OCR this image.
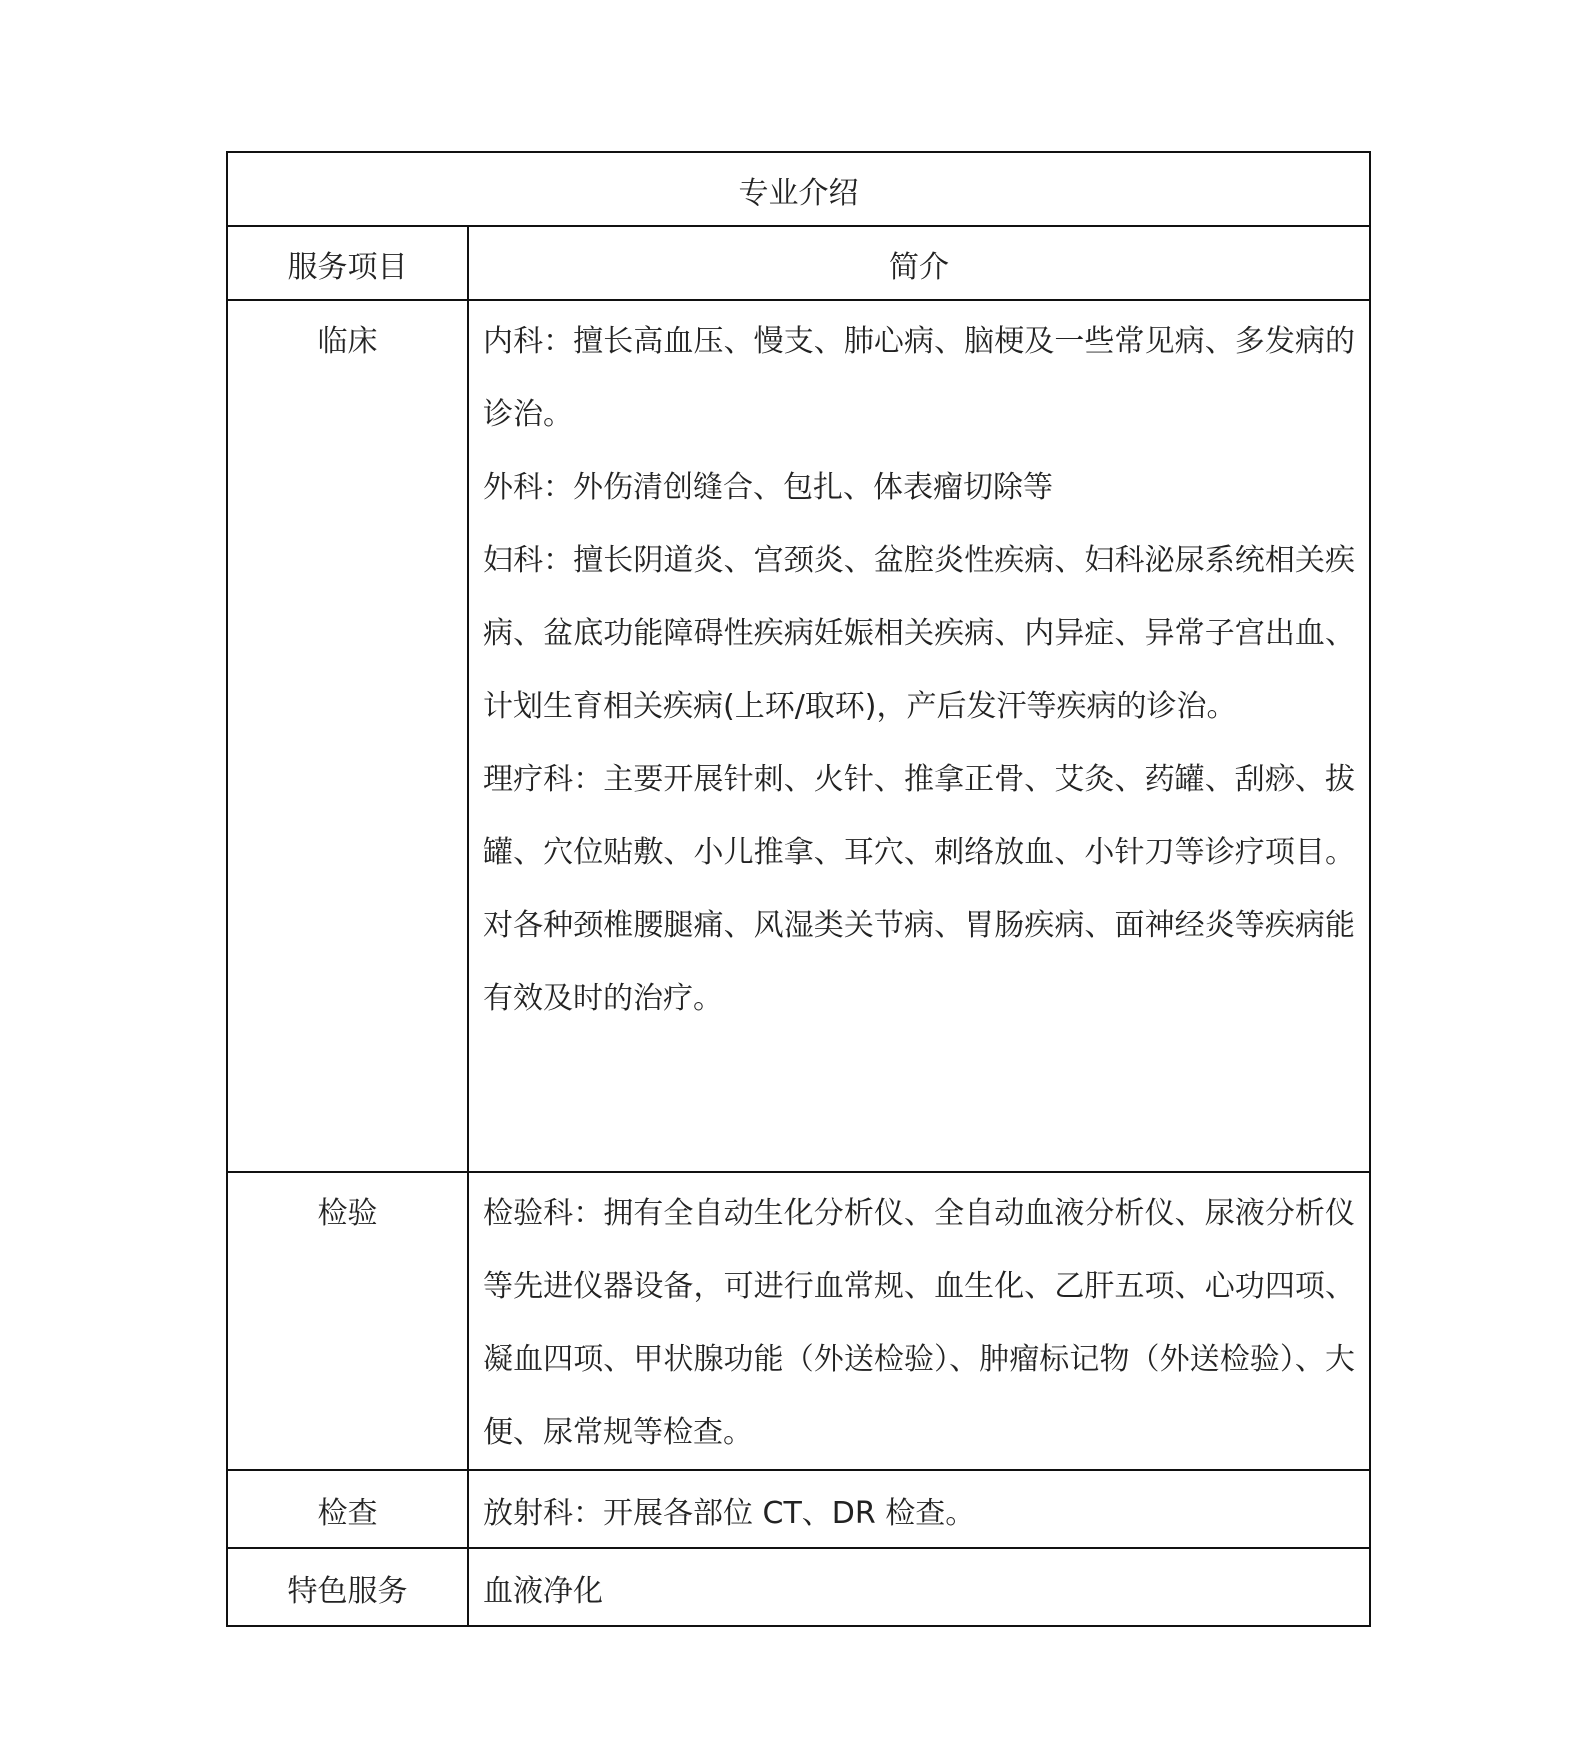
专业介绍	

服务项目	简介

临床	内科：擅长高血压、慢支、肺心病、脑梗及一些常见病、多发病的诊治。

外科：外伤清创缝合、包扎、体表瘤切除等

妇科：擅长阴道炎、宫颈炎、盆腔炎性疾病、妇科泌尿系统相关疾病、盆底功能障碍性疾病妊娠相关疾病、内异症、异常子宫出血、计划生育相关疾病(上环/取环)，产后发汗等疾病的诊治。

理疗科：主要开展针刺、火针、推拿正骨、艾灸、药罐、刮痧、拔罐、穴位贴敷、小儿推拿、耳穴、刺络放血、小针刀等诊疗项目。对各种颈椎腰腿痛、风湿类关节病、胃肠疾病、面神经炎等疾病能有效及时的治疗。

检验	检验科：拥有全自动生化分析仪、全自动血液分析仪、尿液分析仪等先进仪器设备，可进行血常规、血生化、乙肝五项、心功四项、凝血四项、甲状腺功能（外送检验）、肿瘤标记物（外送检验）、大便、尿常规等检查。

检查	放射科：开展各部位 CT、DR 检查。

特色服务	血液净化
